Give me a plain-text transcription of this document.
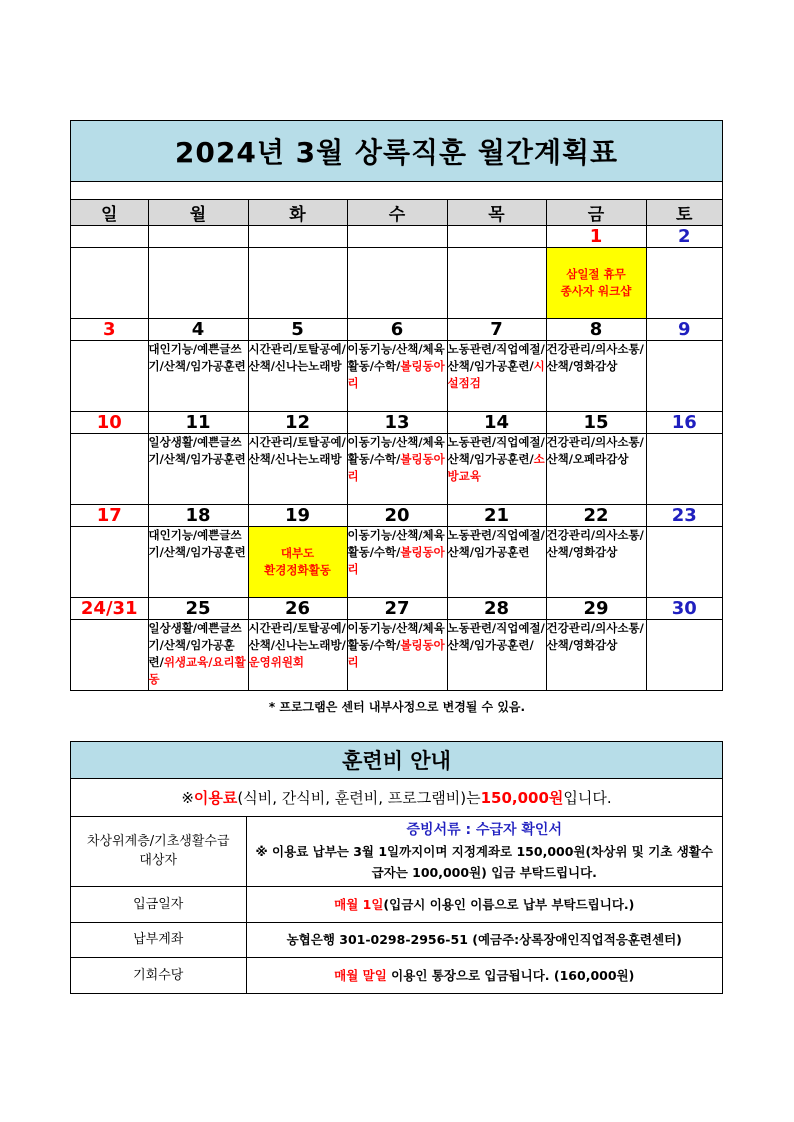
2024년 3월 상록직훈 월간계획표
일	월	화	수	목	금	토
					1	2

					삼일절 휴무
종사자 워크샵	

3	4	5	6	7	8	9

	대인기능/예쁜글쓰기/산책/임가공훈련	시간관리/토탈공예/산책/신나는노래방	이동기능/산책/체육활동/수학/볼링동아리	노동관련/직업예절/산책/임가공훈련/시설점검	건강관리/의사소통/산책/영화감상	

10	11	12	13	14	15	16

	일상생활/예쁜글쓰기/산책/임가공훈련	시간관리/토탈공예/산책/신나는노래방	이동기능/산책/체육활동/수학/볼링동아리	노동관련/직업예절/산책/임가공훈련/소방교육	건강관리/의사소통/산책/오페라감상	

17	18	19	20	21	22	23

	대인기능/예쁜글쓰기/산책/임가공훈련	대부도
환경정화활동	이동기능/산책/체육활동/수학/볼링동아리	노동관련/직업예절/산책/임가공훈련	건강관리/의사소통/산책/영화감상	

24/31	25	26	27	28	29	30

	일상생활/예쁜글쓰기/산책/임가공훈련/위생교육/요리활동	시간관리/토탈공예/산책/신나는노래방/운영위원회	이동기능/산책/체육활동/수학/볼링동아리	노동관련/직업예절/산책/임가공훈련/	건강관리/의사소통/산책/영화감상	

* 프로그램은 센터 내부사정으로 변경될 수 있음.
훈련비 안내
※ 이용료 (식비, 간식비, 훈련비, 프로그램비)는 150,000원 입니다.
차상위계층/기초생활수급 대상자	증빙서류 : 수급자 확인서
※ 이용료 납부는 3월 1일까지이며 지정계좌로 150,000원(차상위 및 기초 생활수급자는 100,000원) 입금 부탁드립니다.

입금일자	매월 1일(입금시 이용인 이름으로 납부 부탁드립니다.)
납부계좌	농협은행 301-0298-2956-51 (예금주:상록장애인직업적응훈련센터)
기회수당	매월 말일 이용인 통장으로 입금됩니다. (160,000원)
